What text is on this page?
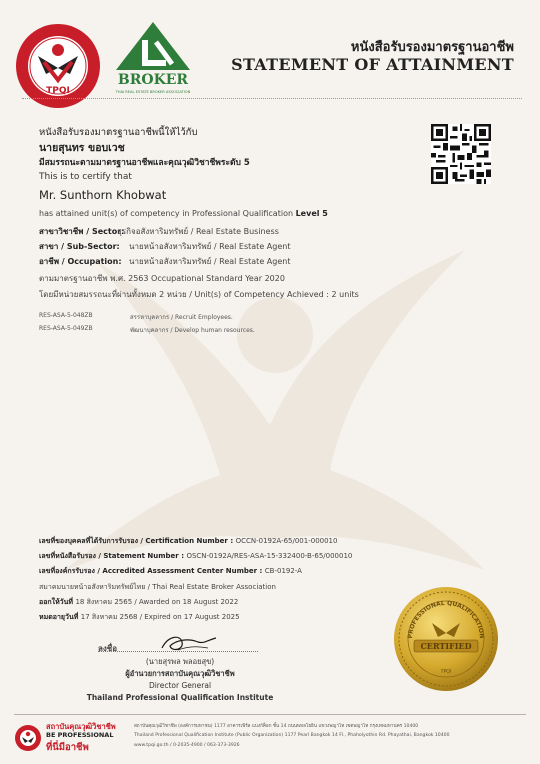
TPQI
BROKER
THAI REAL ESTATE BROKER ASSOCIATION
หนังสือรับรองมาตรฐานอาชีพ
STATEMENT OF ATTAINMENT
หนังสือรับรองมาตรฐานอาชีพนี้ให้ไว้กับ
นายสุนทร ขอบเวช
มีสมรรถนะตามมาตรฐานอาชีพและคุณวุฒิวิชาชีพระดับ 5
This is to certify that
Mr. Sunthorn Khobwat
has attained unit(s) of competency in Professional Qualification Level 5
สาขาวิชาชีพ / Sector:ธุรกิจอสังหาริมทรัพย์ / Real Estate Business
สาขา / Sub-Sector: นายหน้าอสังหาริมทรัพย์ / Real Estate Agent
อาชีพ / Occupation: นายหน้าอสังหาริมทรัพย์ / Real Estate Agent
ตามมาตรฐานอาชีพ พ.ศ. 2563 Occupational Standard Year 2020
โดยมีหน่วยสมรรถนะที่ผ่านทั้งหมด 2 หน่วย / Unit(s) of Competency Achieved : 2 units
RES-ASA-5-048ZB	สรรหาบุคลากร / Recruit Employees.
RES-ASA-5-049ZB	พัฒนาบุคลากร / Develop human resources.
เลขที่ของบุคคลที่ได้รับการรับรอง / Certification Number : OCCN-0192A-65/001-000010
เลขที่หนังสือรับรอง / Statement Number : OSCN-0192A/RES-ASA-15-332400-B-65/000010
เลขที่องค์กรรับรอง / Accredited Assessment Center Number : CB-0192-A
สมาคมนายหน้าอสังหาริมทรัพย์ไทย / Thai Real Estate Broker Association
ออกให้วันที่ 18 สิงหาคม 2565 / Awarded on 18 August 2022
หมดอายุวันที่ 17 สิงหาคม 2568 / Expired on 17 August 2025
ลงชื่อ
(นายสุรพล พลอยสุข)
ผู้อำนวยการสถาบันคุณวุฒิวิชาชีพ
Director General
Thailand Professional Qualification Institute
PROFESSIONAL QUALIFICATION
CERTIFIED
TPQI
สถาบันคุณวุฒิวิชาชีพ
BE PROFESSIONAL
ที่นี่มีอาชีพ
สถาบันคุณวุฒิวิชาชีพ (องค์การมหาชน) 1177 อาคารเพิร์ล แบงก์ค็อก ชั้น 14 ถนนพหลโยธิน แขวงพญาไท เขตพญาไท กรุงเทพมหานคร 10400
Thailand Professional Qualification Institute (Public Organization) 1177 Pearl Bangkok 14 Fl., Phaholyothin Rd. Phayathai, Bangkok 10400
www.tpqi.go.th / 0-2035-4900 / 063-373-3926
